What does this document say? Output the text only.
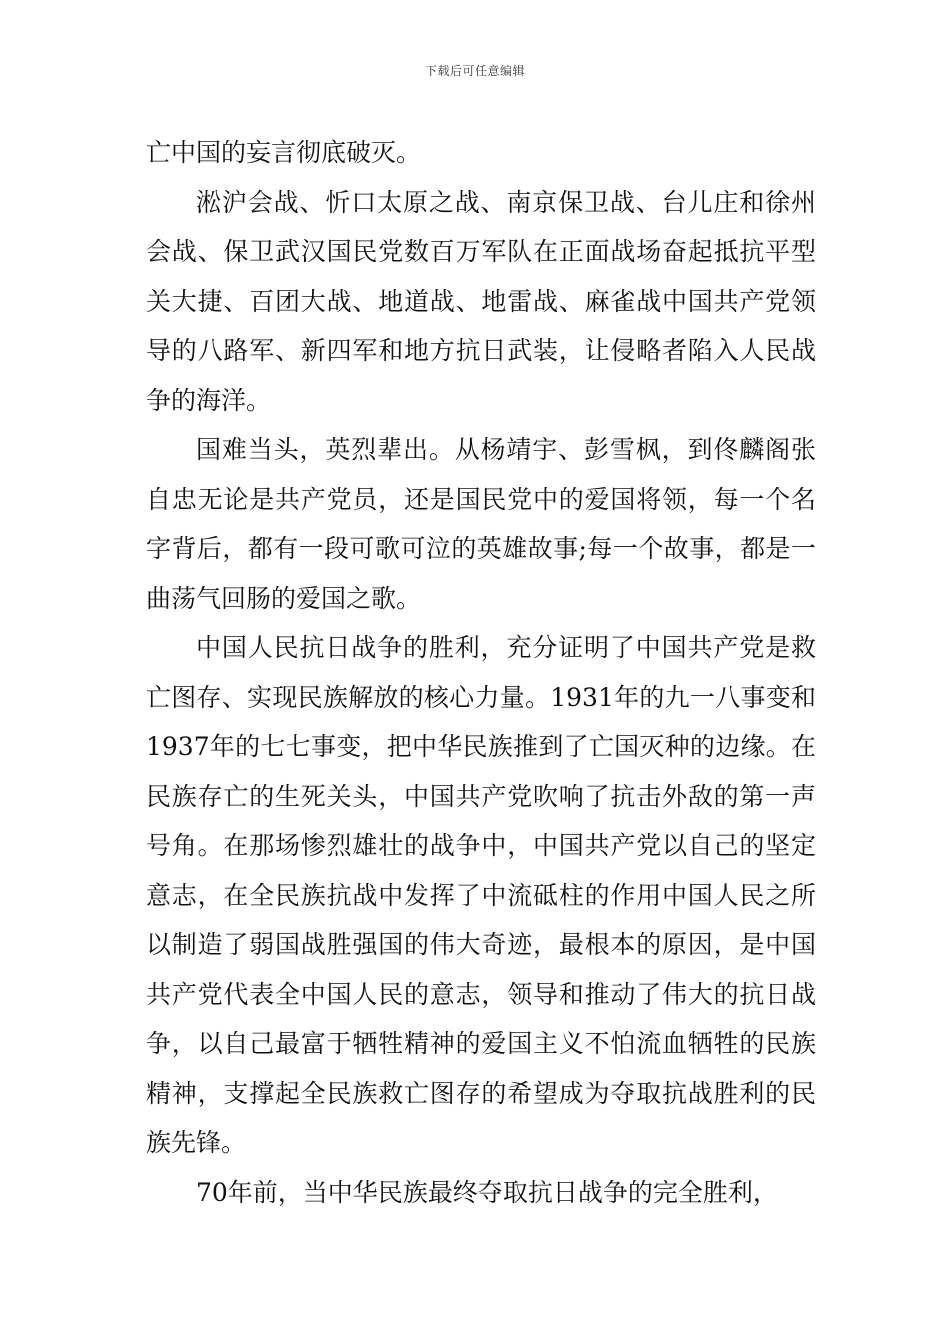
下载后可任意编辑

亡中国的妄言彻底破灭。

淞沪会战、忻口太原之战、南京保卫战、台儿庄和徐州会战、保卫武汉国民党数百万军队在正面战场奋起抵抗平型关大捷、百团大战、地道战、地雷战、麻雀战中国共产党领导的八路军、新四军和地方抗日武装，让侵略者陷入人民战争的海洋。

国难当头，英烈辈出。从杨靖宇、彭雪枫，到佟麟阁张自忠无论是共产党员，还是国民党中的爱国将领，每一个名字背后，都有一段可歌可泣的英雄故事;每一个故事，都是一曲荡气回肠的爱国之歌。

中国人民抗日战争的胜利，充分证明了中国共产党是救亡图存、实现民族解放的核心力量。1931年的九一八事变和1937年的七七事变，把中华民族推到了亡国灭种的边缘。在民族存亡的生死关头，中国共产党吹响了抗击外敌的第一声号角。在那场惨烈雄壮的战争中，中国共产党以自己的坚定意志，在全民族抗战中发挥了中流砥柱的作用中国人民之所以制造了弱国战胜强国的伟大奇迹，最根本的原因，是中国共产党代表全中国人民的意志，领导和推动了伟大的抗日战争，以自己最富于牺牲精神的爱国主义不怕流血牺牲的民族精神，支撑起全民族救亡图存的希望成为夺取抗战胜利的民族先锋。

70年前，当中华民族最终夺取抗日战争的完全胜利，
